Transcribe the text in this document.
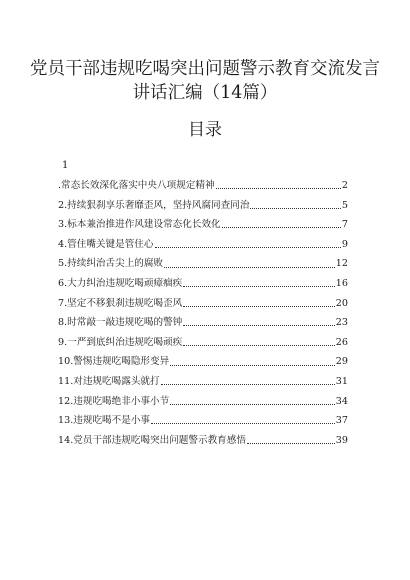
党员干部违规吃喝突出问题警示教育交流发言
讲话汇编（14篇）
目录
1
.常态长效深化落实中央八项规定精神	2
2.持续狠刹享乐奢靡歪风，坚持风腐同查同治	5
3.标本兼治推进作风建设常态化长效化	7
4.管住嘴关键是管住心	9
5.持续纠治舌尖上的腐败	12
6.大力纠治违规吃喝顽瘴痼疾	16
7.坚定不移狠刹违规吃喝歪风	20
8.时常敲一敲违规吃喝的警钟	23
9.一严到底纠治违规吃喝顽疾	26
10.警惕违规吃喝隐形变异	29
11.对违规吃喝露头就打	31
12.违规吃喝绝非小事小节	34
13.违规吃喝不是小事	37
14.党员干部违规吃喝突出问题警示教育感悟	39
